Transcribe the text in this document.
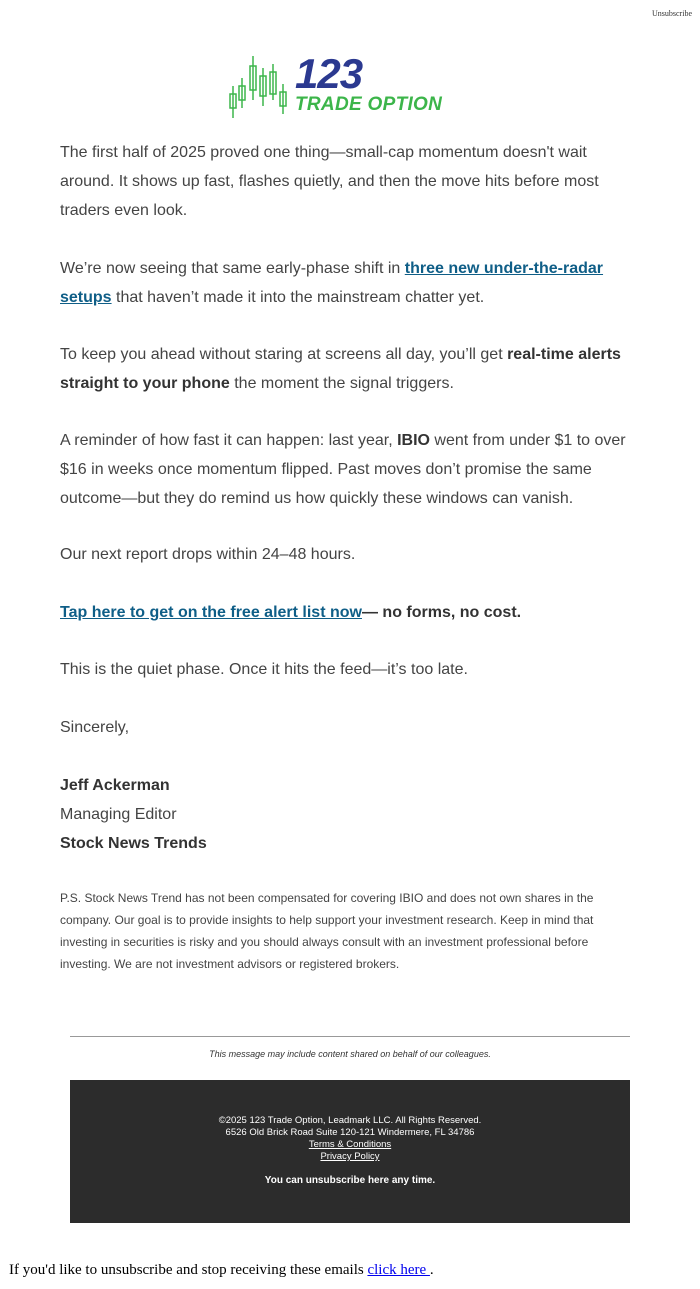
Unsubscribe
123
TRADE OPTION

The first half of 2025 proved one thing—small-cap momentum doesn't wait around. It shows up fast, flashes quietly, and then the move hits before most traders even look.

We’re now seeing that same early-phase shift in three new under-the-radar setups that haven’t made it into the mainstream chatter yet.

To keep you ahead without staring at screens all day, you’ll get real-time alerts straight to your phone the moment the signal triggers.

A reminder of how fast it can happen: last year, IBIO went from under $1 to over $16 in weeks once momentum flipped. Past moves don’t promise the same outcome—but they do remind us how quickly these windows can vanish.

Our next report drops within 24–48 hours.

Tap here to get on the free alert list now— no forms, no cost.

This is the quiet phase. Once it hits the feed—it’s too late.

Sincerely,

Jeff Ackerman

Managing Editor

Stock News Trends

P.S. Stock News Trend has not been compensated for covering IBIO and does not own shares in the company. Our goal is to provide insights to help support your investment research. Keep in mind that investing in securities is risky and you should always consult with an investment professional before investing. We are not investment advisors or registered brokers.
This message may include content shared on behalf of our colleagues.
©2025 123 Trade Option, Leadmark LLC. All Rights Reserved.
6526 Old Brick Road Suite 120-121 Windermere, FL 34786
Terms & Conditions
Privacy Policy
You can unsubscribe here any time.
If you'd like to unsubscribe and stop receiving these emails click here .
